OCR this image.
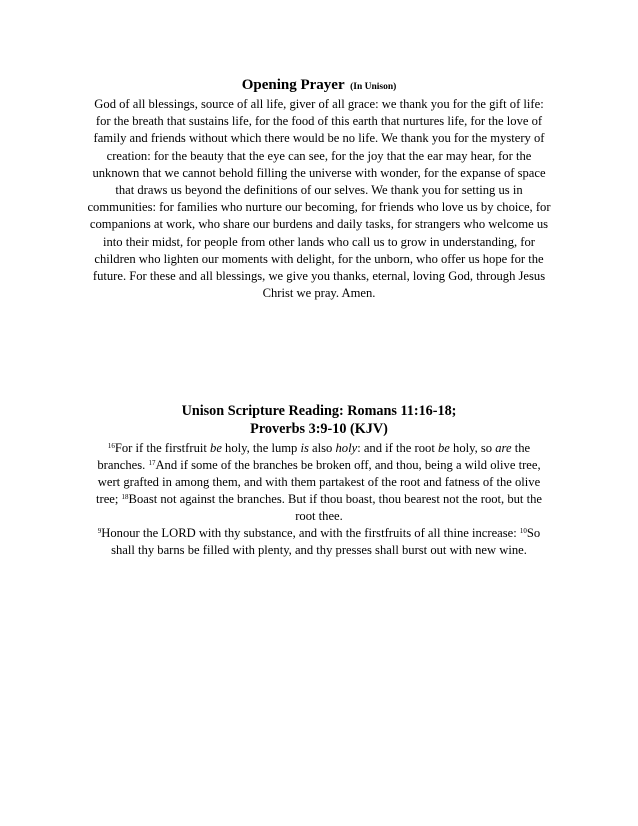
Opening Prayer (In Unison)
God of all blessings, source of all life, giver of all grace: we thank you for the gift of life: for the breath that sustains life, for the food of this earth that nurtures life, for the love of family and friends without which there would be no life. We thank you for the mystery of creation: for the beauty that the eye can see, for the joy that the ear may hear, for the unknown that we cannot behold filling the universe with wonder, for the expanse of space that draws us beyond the definitions of our selves. We thank you for setting us in communities: for families who nurture our becoming, for friends who love us by choice, for companions at work, who share our burdens and daily tasks, for strangers who welcome us into their midst, for people from other lands who call us to grow in understanding, for children who lighten our moments with delight, for the unborn, who offer us hope for the future. For these and all blessings, we give you thanks, eternal, loving God, through Jesus Christ we pray. Amen.
Unison Scripture Reading: Romans 11:16-18;
Proverbs 3:9-10 (KJV)

$^{16}$For if the firstfruit be holy, the lump is also holy: and if the root be holy, so are the branches. $^{17}$And if some of the branches be broken off, and thou, being a wild olive tree, wert grafted in among them, and with them partakest of the root and fatness of the olive tree; $^{18}$Boast not against the branches. But if thou boast, thou bearest not the root, but the root thee.

$^9$Honour the LORD with thy substance, and with the firstfruits of all thine increase: $^{10}$So shall thy barns be filled with plenty, and thy presses shall burst out with new wine.
